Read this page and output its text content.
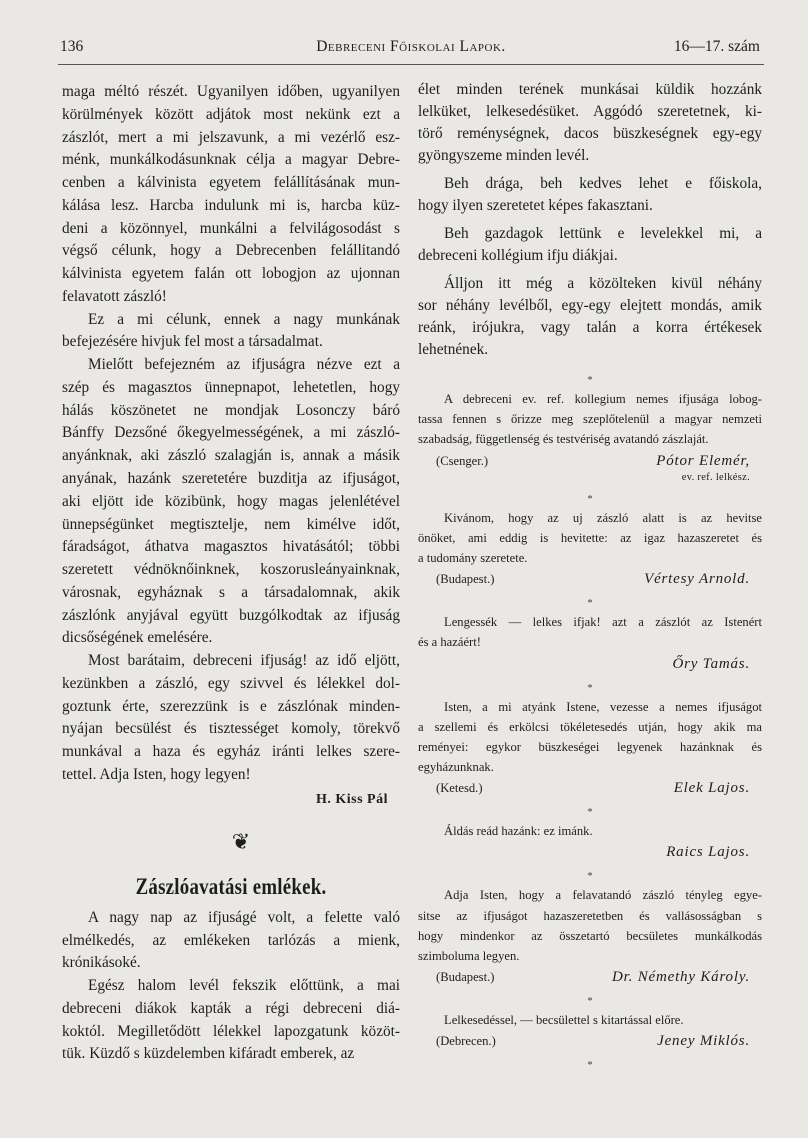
136	Debreceni Főiskolai Lapok.	16—17. szám
maga méltó részét. Ugyanilyen időben, ugyanilyen
körülmények között adjátok most nekünk ezt a
zászlót, mert a mi jelszavunk, a mi vezérlő esz-
ménk, munkálkodásunknak célja a magyar Debre-
cenben a kálvinista egyetem felállításának mun-
kálása lesz. Harcba indulunk mi is, harcba küz-
deni a közönnyel, munkálni a felvilágosodást s
végső célunk, hogy a Debrecenben felállitandó
kálvinista egyetem falán ott lobogjon az ujonnan
felavatott zászló!
Ez a mi célunk, ennek a nagy munkának
befejezésére hivjuk fel most a társadalmat.
Mielőtt befejezném az ifjuságra nézve ezt a
szép és magasztos ünnepnapot, lehetetlen, hogy
hálás köszönetet ne mondjak Losonczy báró
Bánffy Dezsőné őkegyelmességének, a mi zászló-
anyánknak, aki zászló szalagján is, annak a másik
anyának, hazánk szeretetére buzditja az ifjuságot,
aki eljött ide közibünk, hogy magas jelenlétével
ünnepségünket megtisztelje, nem kimélve időt,
fáradságot, áthatva magasztos hivatásától; többi
szeretett védnöknőinknek, koszorusleányainknak,
városnak, egyháznak s a társadalomnak, akik
zászlónk anyjával együtt buzgólkodtak az ifjuság
dicsőségének emelésére.
Most barátaim, debreceni ifjuság! az idő eljött,
kezünkben a zászló, egy szivvel és lélekkel dol-
goztunk érte, szerezzünk is e zászlónak minden-
nyájan becsülést és tisztességet komoly, törekvő
munkával a haza és egyház iránti lelkes szere-
tettel. Adja Isten, hogy legyen!
H. Kiss Pál
❦
Zászlóavatási emlékek.
A nagy nap az ifjuságé volt, a felette való
elmélkedés, az emlékeken tarlózás a mienk,
krónikásoké.
Egész halom levél fekszik előttünk, a mai
debreceni diákok kapták a régi debreceni diá-
koktól. Megilletődött lélekkel lapozgatunk közöt-
tük. Küzdő s küzdelemben kifáradt emberek, az
élet minden terének munkásai küldik hozzánk
lelküket, lelkesedésüket. Aggódó szeretetnek, ki-
törő reménységnek, dacos büszkeségnek egy-egy
gyöngyszeme minden levél.
Beh drága, beh kedves lehet e főiskola,
hogy ilyen szeretetet képes fakasztani.
Beh gazdagok lettünk e levelekkel mi, a
debreceni kollégium ifju diákjai.
Álljon itt még a közölteken kivül néhány
sor néhány levélből, egy-egy elejtett mondás, amik
reánk, irójukra, vagy talán a korra értékesek
lehetnének.
*
A debreceni ev. ref. kollegium nemes ifjusága lobog-
tassa fennen s őrizze meg szeplőtelenül a magyar nemzeti
szabadság, függetlenség és testvériség avatandó zászlaját.
(Csenger.)	Pótor Elemér,
ev. ref. lelkész.
*
Kivánom, hogy az uj zászló alatt is az hevitse
önöket, ami eddig is hevitette: az igaz hazaszeretet és
a tudomány szeretete.
(Budapest.)	Vértesy Arnold.
*
Lengessék — lelkes ifjak! azt a zászlót az Istenért
és a hazáért!
Őry Tamás.
*
Isten, a mi atyánk Istene, vezesse a nemes ifjuságot
a szellemi és erkölcsi tökéletesedés utján, hogy akik ma
reményei: egykor büszkeségei legyenek hazánknak és
egyházunknak.
(Ketesd.)	Elek Lajos.
*
Áldás reád hazánk: ez imánk.
Raics Lajos.
*
Adja Isten, hogy a felavatandó zászló tényleg egye-
sitse az ifjuságot hazaszeretetben és vallásosságban s
hogy mindenkor az összetartó becsületes munkálkodás
szimboluma legyen.
(Budapest.)	Dr. Némethy Károly.
*
Lelkesedéssel, — becsülettel s kitartással előre.
(Debrecen.)	Jeney Miklós.
*
